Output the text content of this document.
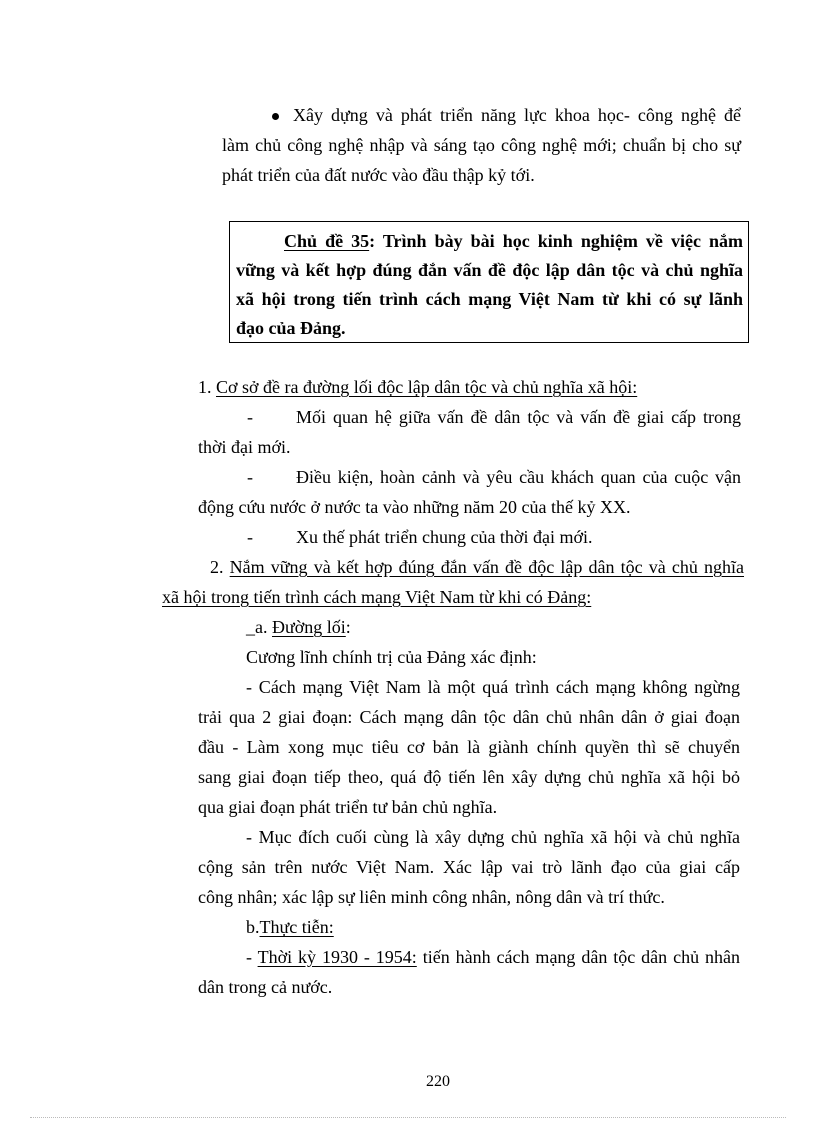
Xây dựng và phát triển năng lực khoa học- công nghệ để
làm chủ công nghệ nhập và sáng tạo công nghệ mới; chuẩn bị cho sự
phát triển của đất nước vào đầu thập kỷ tới.
Chủ đề 35: Trình bày bài học kinh nghiệm về việc nắm
vững và kết hợp đúng đắn vấn đề độc lập dân tộc và chủ nghĩa
xã hội trong tiến trình cách mạng Việt Nam từ khi có sự lãnh
đạo của Đảng.
1. Cơ sở đề ra đường lối độc lập dân tộc và chủ nghĩa xã hội:
- Mối quan hệ giữa vấn đề dân tộc và vấn đề giai cấp trong
thời đại mới.
- Điều kiện, hoàn cảnh và yêu cầu khách quan của cuộc vận
động cứu nước ở nước ta vào những năm 20 của thế kỷ XX.
- Xu thế phát triển chung của thời đại mới.
2. Nắm vững và kết hợp đúng đắn vấn đề độc lập dân tộc và chủ nghĩa
xã hội trong tiến trình cách mạng Việt Nam từ khi có Đảng:
_a. Đường lối:
Cương lĩnh chính trị của Đảng xác định:
- Cách mạng Việt Nam là một quá trình cách mạng không ngừng
trải qua 2 giai đoạn: Cách mạng dân tộc dân chủ nhân dân ở giai đoạn
đầu - Làm xong mục tiêu cơ bản là giành chính quyền thì sẽ chuyển
sang giai đoạn tiếp theo, quá độ tiến lên xây dựng chủ nghĩa xã hội bỏ
qua giai đoạn phát triển tư bản chủ nghĩa.
- Mục đích cuối cùng là xây dựng chủ nghĩa xã hội và chủ nghĩa
cộng sản trên nước Việt Nam. Xác lập vai trò lãnh đạo của giai cấp
công nhân; xác lập sự liên minh công nhân, nông dân và trí thức.
b.Thực tiễn:
- Thời kỳ 1930 - 1954: tiến hành cách mạng dân tộc dân chủ nhân
dân trong cả nước.
220
